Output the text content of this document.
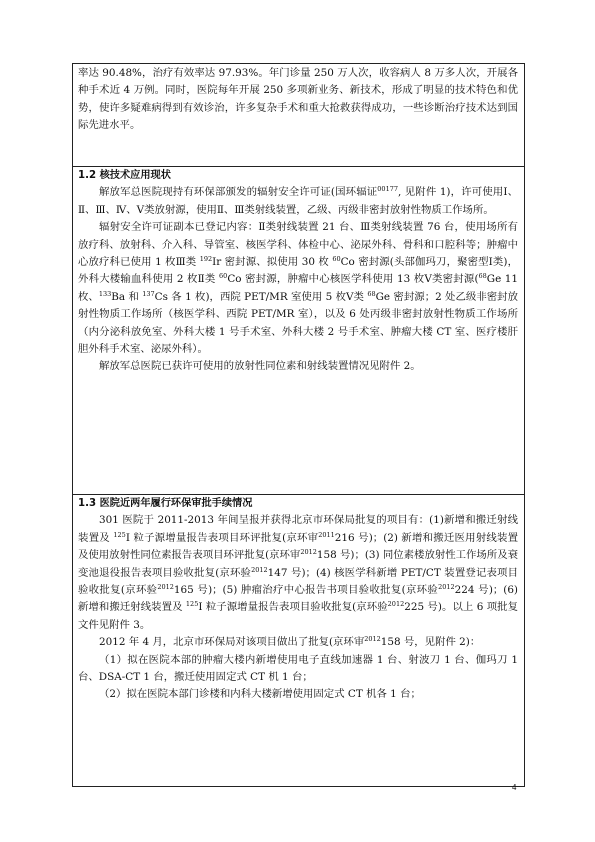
率达 90.48%，治疗有效率达 97.93%。年门诊量 250 万人次，收容病人 8 万多人次，开展各种手术近 4 万例。同时，医院每年开展 250 多项新业务、新技术，形成了明显的技术特色和优势，使许多疑难病得到有效诊治，许多复杂手术和重大抢救获得成功，一些诊断治疗技术达到国际先进水平。

1.2 核技术应用现状

解放军总医院现持有环保部颁发的辐射安全许可证(国环辐证$^{00177}$, 见附件 1)，许可使用Ⅰ、Ⅱ、Ⅲ、Ⅳ、Ⅴ类放射源，使用Ⅱ、Ⅲ类射线装置，乙级、丙级非密封放射性物质工作场所。

辐射安全许可证副本已登记内容：Ⅱ类射线装置 21 台、Ⅲ类射线装置 76 台，使用场所有放疗科、放射科、介入科、导管室、核医学科、体检中心、泌尿外科、骨科和口腔科等；肿瘤中心放疗科已使用 1 枚Ⅲ类 $^{192}$Ir 密封源、拟使用 30 枚 $^{60}$Co 密封源(头部伽玛刀，聚密型Ⅰ类)，外科大楼输血科使用 2 枚Ⅱ类 $^{60}$Co 密封源，肿瘤中心核医学科使用 13 枚Ⅴ类密封源($^{68}$Ge 11 枚、$^{133}$Ba 和 $^{137}$Cs 各 1 枚)，西院 PET/MR 室使用 5 枚Ⅴ类 $^{68}$Ge 密封源；2 处乙级非密封放射性物质工作场所（核医学科、西院 PET/MR 室），以及 6 处丙级非密封放射性物质工作场所（内分泌科放免室、外科大楼 1 号手术室、外科大楼 2 号手术室、肿瘤大楼 CT 室、医疗楼肝胆外科手术室、泌尿外科）。

解放军总医院已获许可使用的放射性同位素和射线装置情况见附件 2。

1.3 医院近两年履行环保审批手续情况

301 医院于 2011-2013 年间呈报并获得北京市环保局批复的项目有：(1)新增和搬迁射线装置及 $^{125}$I 粒子源增量报告表项目环评批复(京环审$^{2011}$216 号)；(2) 新增和搬迁医用射线装置及使用放射性同位素报告表项目环评批复(京环审$^{2012}$158 号)；(3) 同位素楼放射性工作场所及衰变池退役报告表项目验收批复(京环验$^{2012}$147 号)；(4) 核医学科新增 PET/CT 装置登记表项目验收批复(京环验$^{2012}$165 号)；(5) 肿瘤治疗中心报告书项目验收批复(京环验$^{2012}$224 号)；(6) 新增和搬迁射线装置及 $^{125}$I 粒子源增量报告表项目验收批复(京环验$^{2012}$225 号)。以上 6 项批复文件见附件 3。

2012 年 4 月，北京市环保局对该项目做出了批复(京环审$^{2012}$158 号，见附件 2)：

（1）拟在医院本部的肿瘤大楼内新增使用电子直线加速器 1 台、射波刀 1 台、伽玛刀 1 台、DSA-CT 1 台，搬迁使用固定式 CT 机 1 台；

（2）拟在医院本部门诊楼和内科大楼新增使用固定式 CT 机各 1 台；

4
